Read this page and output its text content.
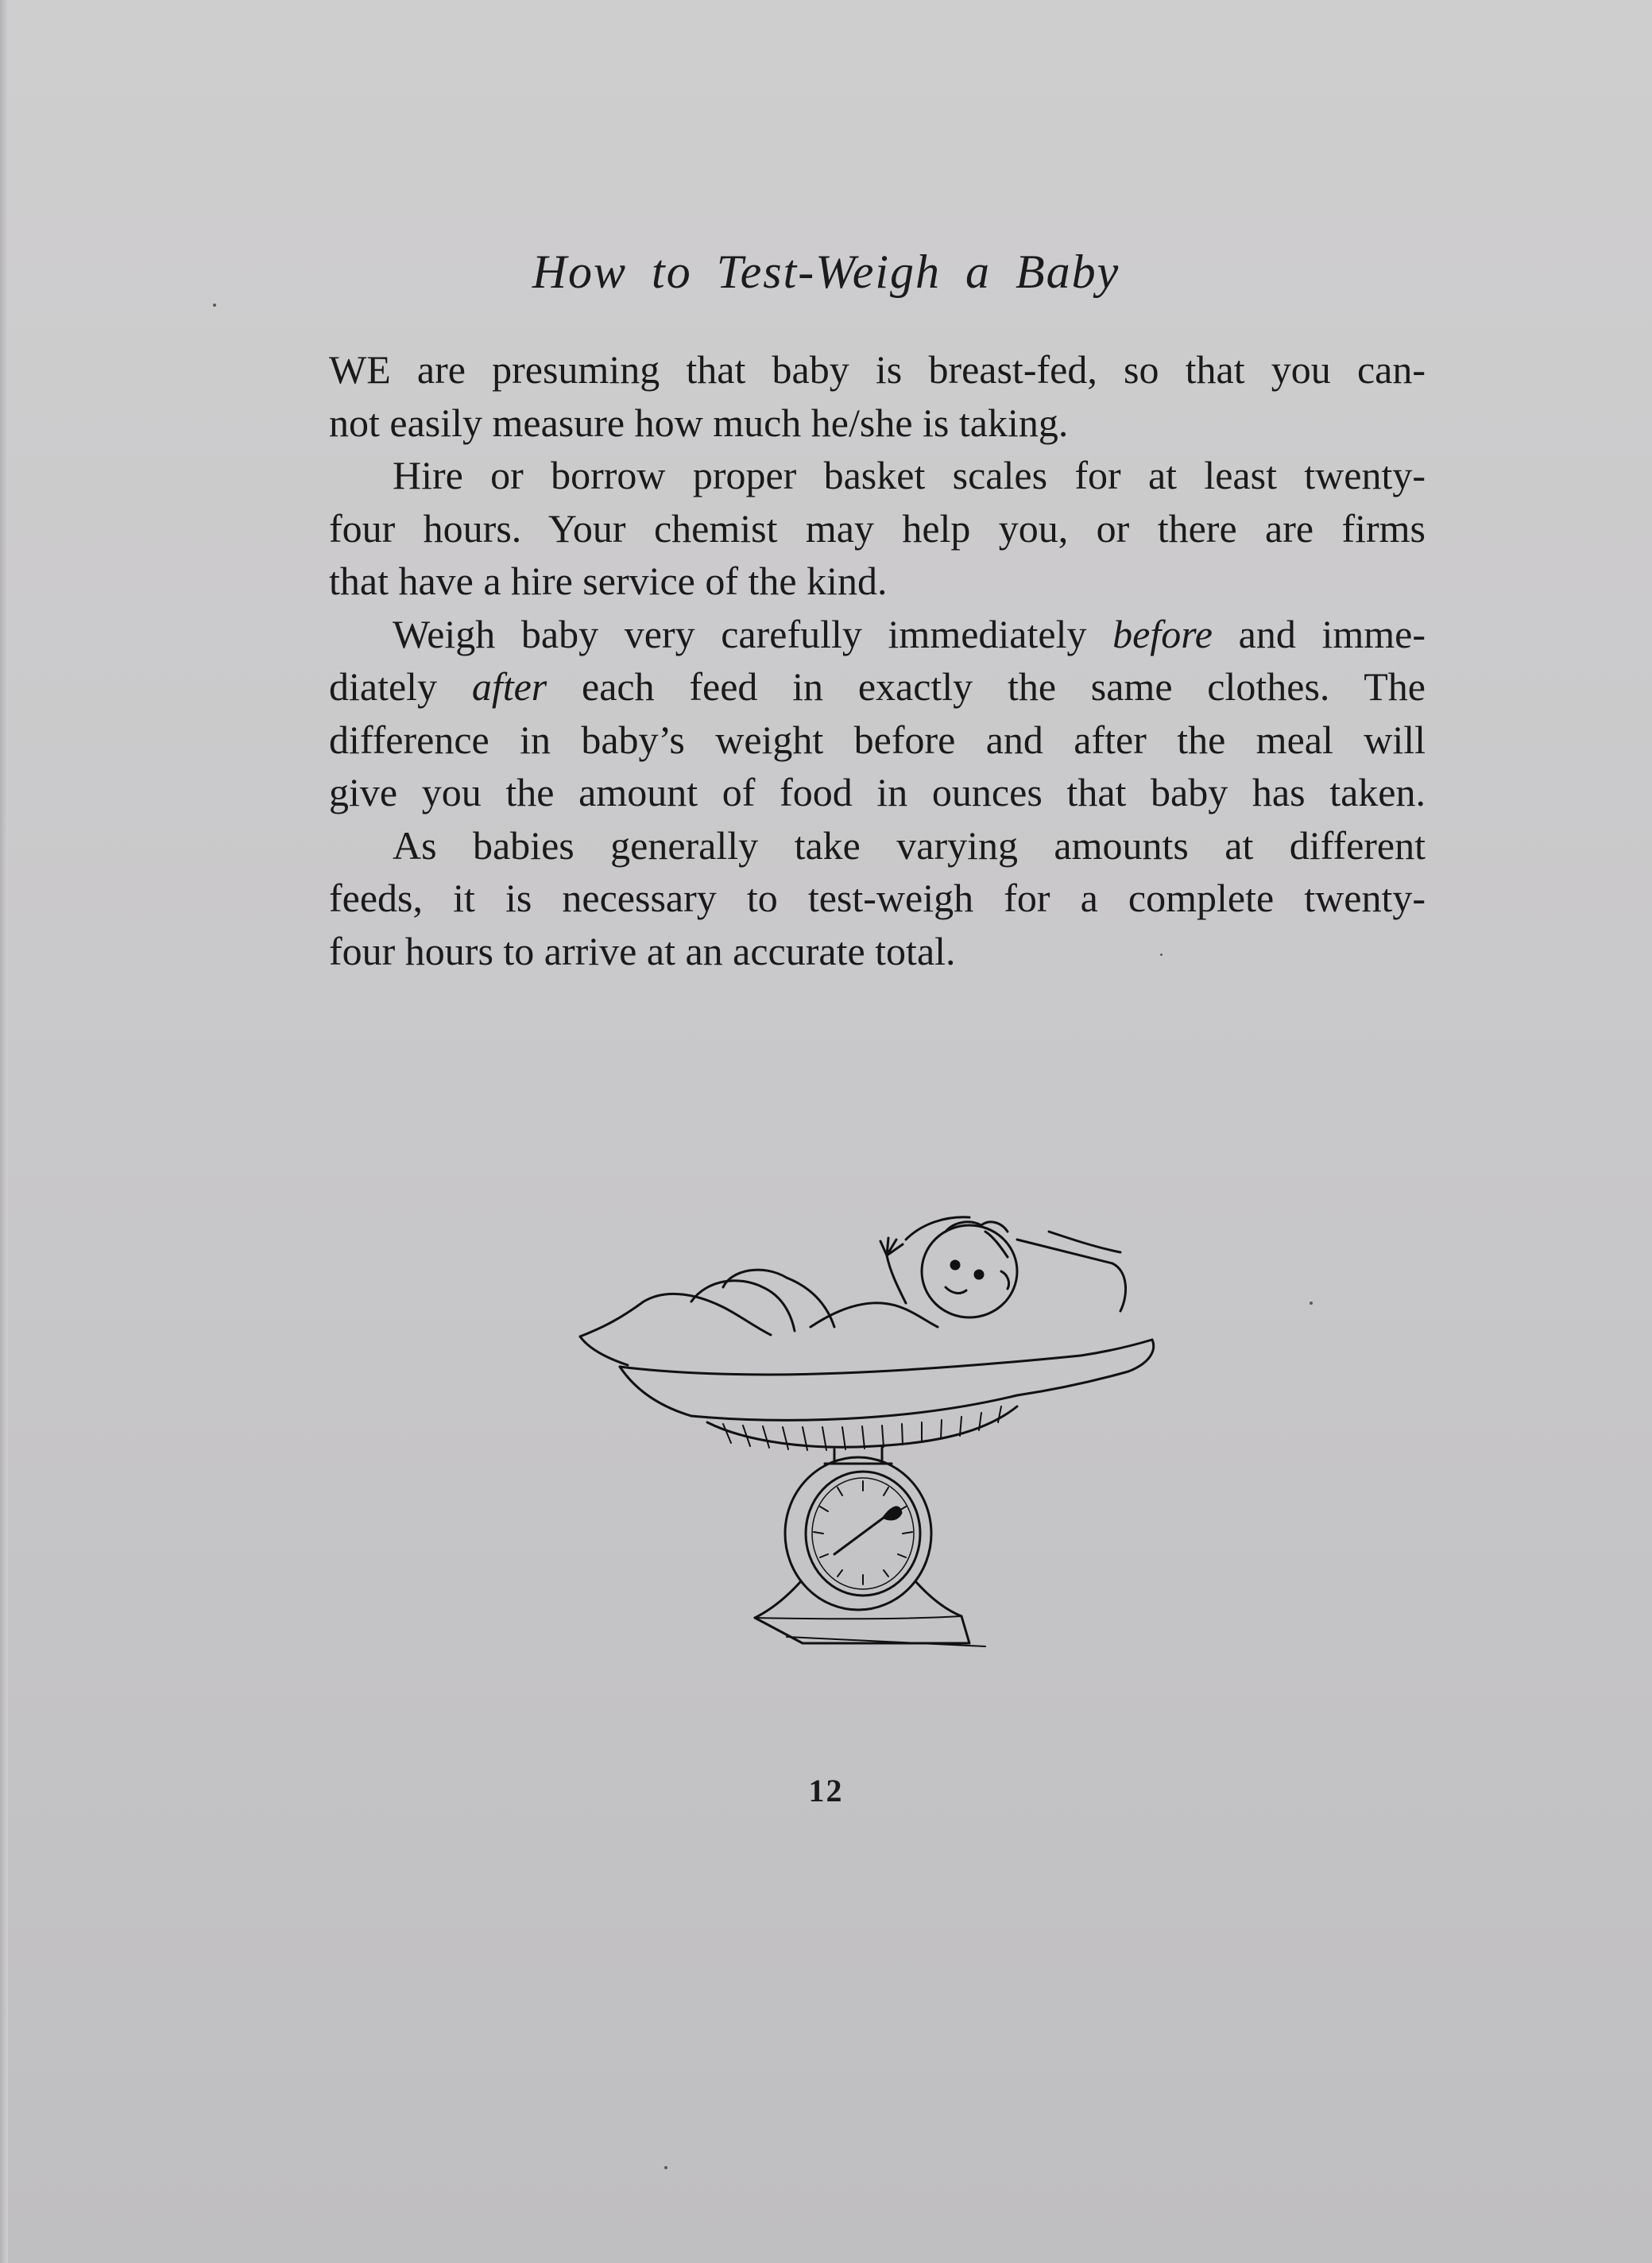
How to Test-Weigh a Baby
WE are presuming that baby is breast-fed, so that you can-
not easily measure how much he/she is taking.
Hire or borrow proper basket scales for at least twenty-
four hours. Your chemist may help you, or there are firms
that have a hire service of the kind.
Weigh baby very carefully immediately before and imme-
diately after each feed in exactly the same clothes. The
difference in baby’s weight before and after the meal will
give you the amount of food in ounces that baby has taken.
As babies generally take varying amounts at different
feeds, it is necessary to test-weigh for a complete twenty-
four hours to arrive at an accurate total.
12
